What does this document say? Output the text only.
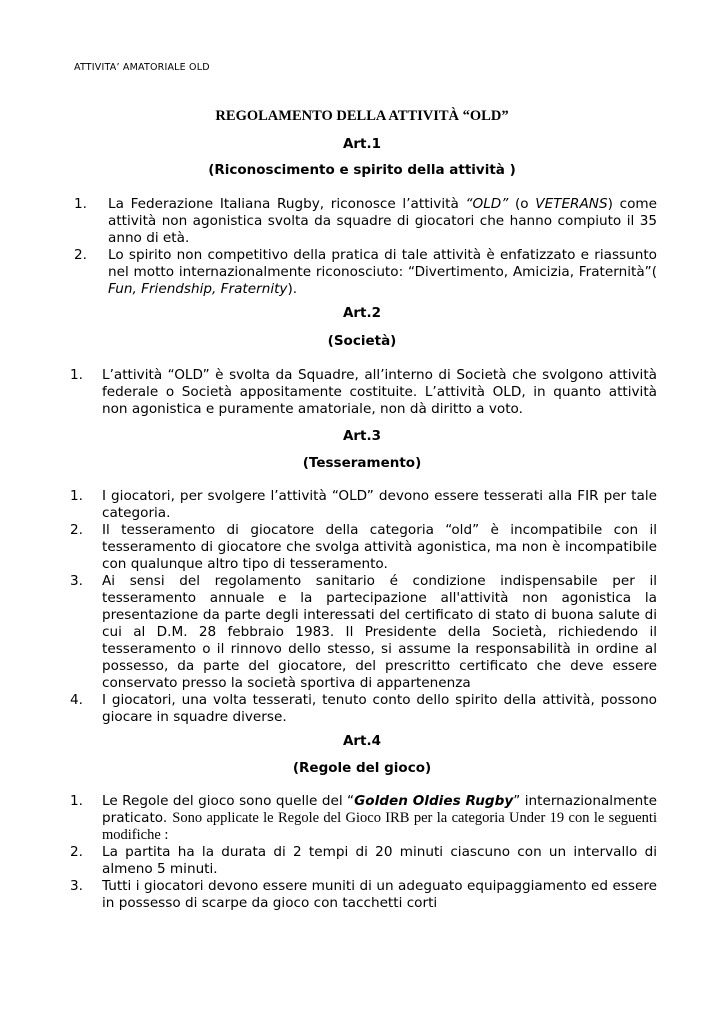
ATTIVITA’ AMATORIALE OLD
REGOLAMENTO DELLA ATTIVITÀ “OLD”
Art.1
(Riconoscimento e spirito della attività )
1. La Federazione Italiana Rugby, riconosce l’attività “OLD” (o VETERANS) come attività non agonistica svolta da squadre di giocatori che hanno compiuto il 35 anno di età.
2. Lo spirito non competitivo della pratica di tale attività è enfatizzato e riassunto nel motto internazionalmente riconosciuto: “Divertimento, Amicizia, Fraternità”( Fun, Friendship, Fraternity).
Art.2
(Società)
1. L’attività “OLD” è svolta da Squadre, all’interno di Società che svolgono attività federale o Società appositamente costituite. L’attività OLD, in quanto attività non agonistica e puramente amatoriale, non dà diritto a voto.
Art.3
(Tesseramento)
1. I giocatori, per svolgere l’attività “OLD” devono essere tesserati alla FIR per tale categoria.
2. Il tesseramento di giocatore della categoria “old” è incompatibile con il tesseramento di giocatore che svolga attività agonistica, ma non è incompatibile con qualunque altro tipo di tesseramento.
3. Ai sensi del regolamento sanitario é condizione indispensabile per il tesseramento annuale e la partecipazione all'attività non agonistica la presentazione da parte degli interessati del certificato di stato di buona salute di cui al D.M. 28 febbraio 1983. Il Presidente della Società, richiedendo il tesseramento o il rinnovo dello stesso, si assume la responsabilità in ordine al possesso, da parte del giocatore, del prescritto certificato che deve essere conservato presso la società sportiva di appartenenza
4. I giocatori, una volta tesserati, tenuto conto dello spirito della attività, possono giocare in squadre diverse.
Art.4
(Regole del gioco)
1. Le Regole del gioco sono quelle del “Golden Oldies Rugby” internazionalmente praticato. Sono applicate le Regole del Gioco IRB per la categoria Under 19 con le seguenti modifiche :
2. La partita ha la durata di 2 tempi di 20 minuti ciascuno con un intervallo di almeno 5 minuti.
3. Tutti i giocatori devono essere muniti di un adeguato equipaggiamento ed essere in possesso di scarpe da gioco con tacchetti corti
